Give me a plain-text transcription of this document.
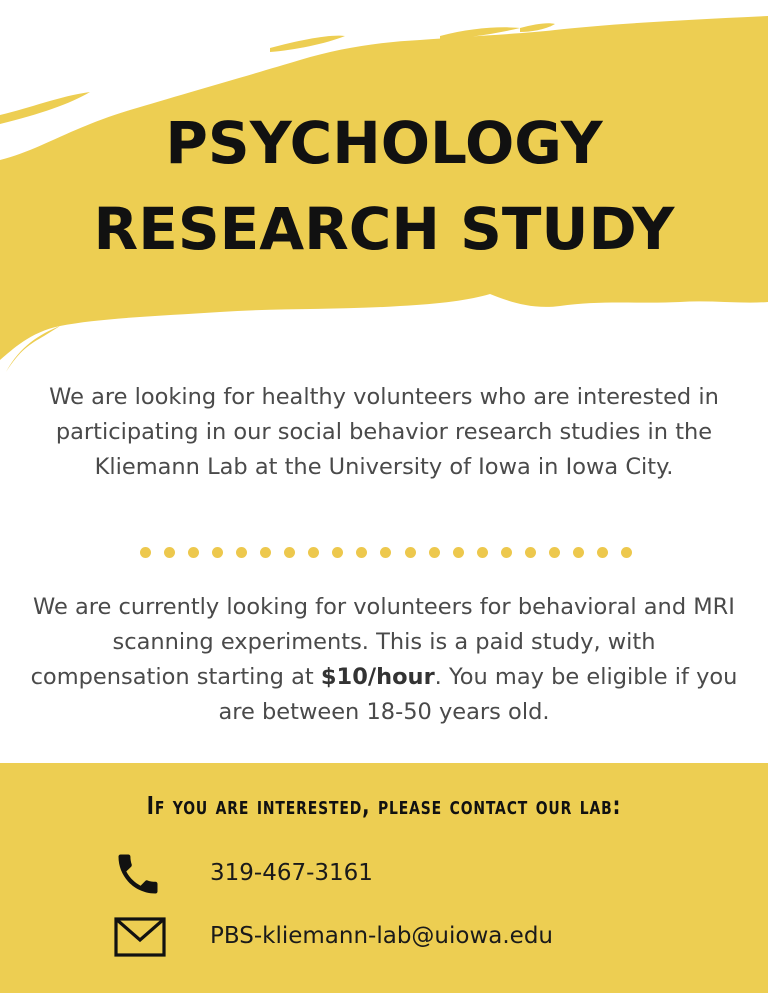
PSYCHOLOGY
RESEARCH STUDY
We are looking for healthy volunteers who are interested in participating in our social behavior research studies in the Kliemann Lab at the University of Iowa in Iowa City.
We are currently looking for volunteers for behavioral and MRI scanning experiments. This is a paid study, with compensation starting at $10/hour. You may be eligible if you are between 18-50 years old.
If you are interested, please contact our lab:
319-467-3161
PBS-kliemann-lab@uiowa.edu
